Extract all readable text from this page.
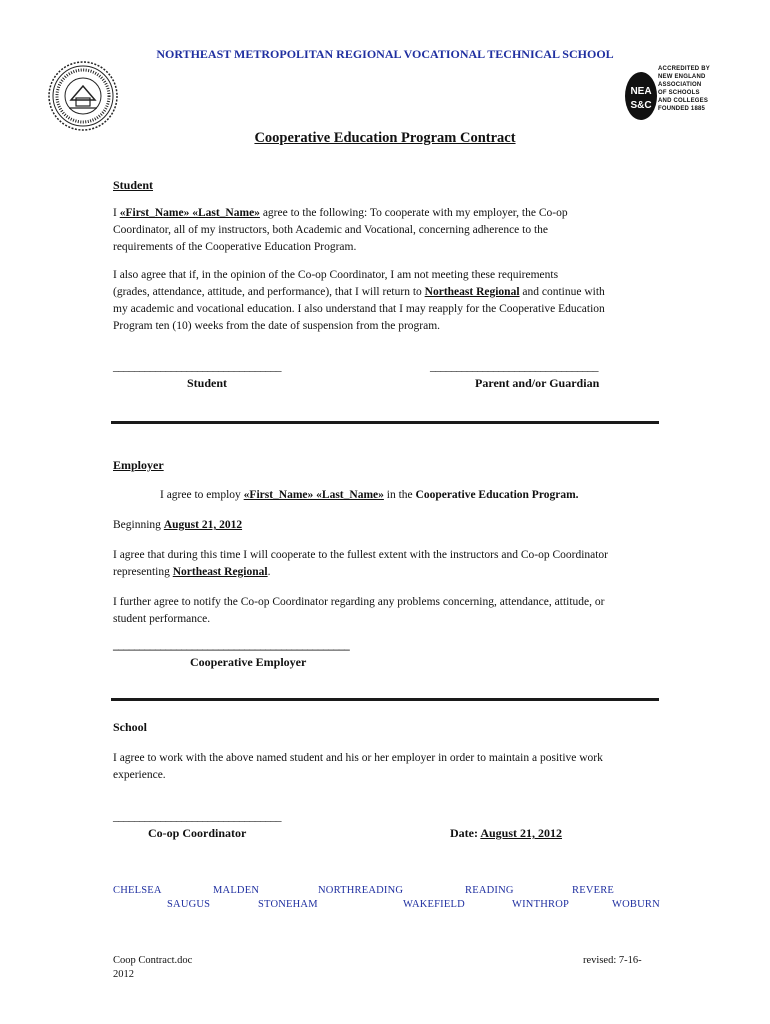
NORTHEAST METROPOLITAN REGIONAL VOCATIONAL TECHNICAL SCHOOL
NEA
S&C
ACCREDITED BY
NEW ENGLAND
ASSOCIATION
OF SCHOOLS
AND COLLEGES
FOUNDED 1885
Cooperative Education Program Contract
Student
I «First_Name» «Last_Name» agree to the following: To cooperate with my employer, the Co-op
Coordinator, all of my instructors, both Academic and Vocational, concerning adherence to the
requirements of the Cooperative Education Program.
I also agree that if, in the opinion of the Co-op Coordinator, I am not meeting these requirements
(grades, attendance, attitude, and performance), that I will return to Northeast Regional and continue with
my academic and vocational education. I also understand that I may reapply for the Cooperative Education
Program ten (10) weeks from the date of suspension from the program.
________________________________	________________________________
Student	Parent and/or Guardian
Employer
I agree to employ «First_Name» «Last_Name» in the Cooperative Education Program.
Beginning August 21, 2012
I agree that during this time I will cooperate to the fullest extent with the instructors and Co-op Coordinator
representing Northeast Regional.
I further agree to notify the Co-op Coordinator regarding any problems concerning, attendance, attitude, or
student performance.
_____________________________________________
Cooperative Employer
School
I agree to work with the above named student and his or her employer in order to maintain a positive work
experience.
________________________________
Co-op Coordinator	Date: August 21, 2012
CHELSEA	MALDEN	NORTHREADING	READING	REVERE
SAUGUS	STONEHAM	WAKEFIELD	WINTHROP	WOBURN
Coop Contract.doc
2012
revised: 7-16-
